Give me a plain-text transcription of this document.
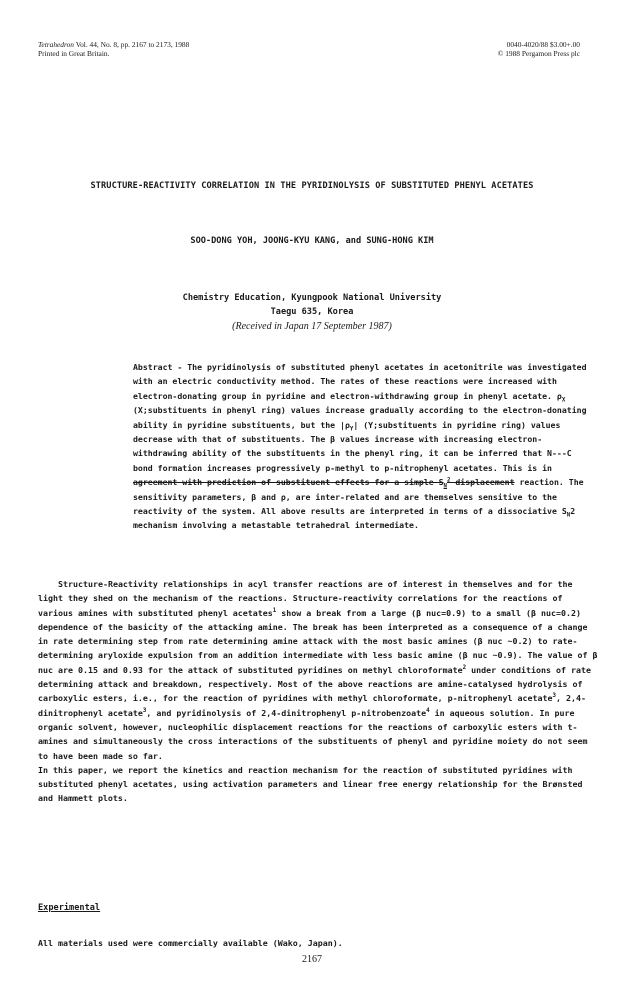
Tetrahedron Vol. 44, No. 8, pp. 2167 to 2173, 1988
Printed in Great Britain.
0040-4020/88 $3.00+.00
© 1988 Pergamon Press plc
STRUCTURE-REACTIVITY CORRELATION IN THE PYRIDINOLYSIS OF SUBSTITUTED PHENYL ACETATES
SOO-DONG YOH, JOONG-KYU KANG, and SUNG-HONG KIM
Chemistry Education, Kyungpook National University
Taegu 635, Korea
(Received in Japan 17 September 1987)

Abstract - The pyridinolysis of substituted phenyl acetates in acetonitrile was investigated with an electric conductivity method. The rates of these reactions were increased with electron-donating group in pyridine and electron-withdrawing group in phenyl acetate. $\rho_X$ (X;substituents in phenyl ring) values increase gradually according to the electron-donating ability in pyridine substituents, but the $|\rho_Y|$ (Y;substituents in pyridine ring) values decrease with that of substituents. The β values increase with increasing electron-withdrawing ability of the substituents in the phenyl ring, it can be inferred that N---C bond formation increases progressively p-methyl to p-nitrophenyl acetates. This is in agreement with prediction of substituent effects for a simple $S_N^2$ displacement reaction. The sensitivity parameters, β and ρ, are inter-related and are themselves sensitive to the reactivity of the system. All above results are interpreted in terms of a dissociative $S_N2$ mechanism involving a metastable tetrahedral intermediate.

Structure-Reactivity relationships in acyl transfer reactions are of interest in themselves and for the light they shed on the mechanism of the reactions. Structure-reactivity correlations for the reactions of various amines with substituted phenyl acetates$^1$ show a break from a large (β nuc=0.9) to a small (β nuc=0.2) dependence of the basicity of the attacking amine. The break has been interpreted as a consequence of a change in rate determining step from rate determining amine attack with the most basic amines (β nuc ~0.2) to rate-determining aryloxide expulsion from an addition intermediate with less basic amine (β nuc ~0.9). The value of β nuc are 0.15 and 0.93 for the attack of substituted pyridines on methyl chloroformate$^2$ under conditions of rate determining attack and breakdown, respectively. Most of the above reactions are amine-catalysed hydrolysis of carboxylic esters, i.e., for the reaction of pyridines with methyl chloroformate, p-nitrophenyl acetate$^3$, 2,4-dinitrophenyl acetate$^3$, and pyridinolysis of 2,4-dinitrophenyl p-nitrobenzoate$^4$ in aqueous solution. In pure organic solvent, however, nucleophilic displacement reactions for the reactions of carboxylic esters with t-amines and simultaneously the cross interactions of the substituents of phenyl and pyridine moiety do not seem to have been made so far.

In this paper, we report the kinetics and reaction mechanism for the reaction of substituted pyridines with substituted phenyl acetates, using activation parameters and linear free energy relationship for the Brønsted and Hammett plots.

Experimental
All materials used were commercially available (Wako, Japan).
2167
